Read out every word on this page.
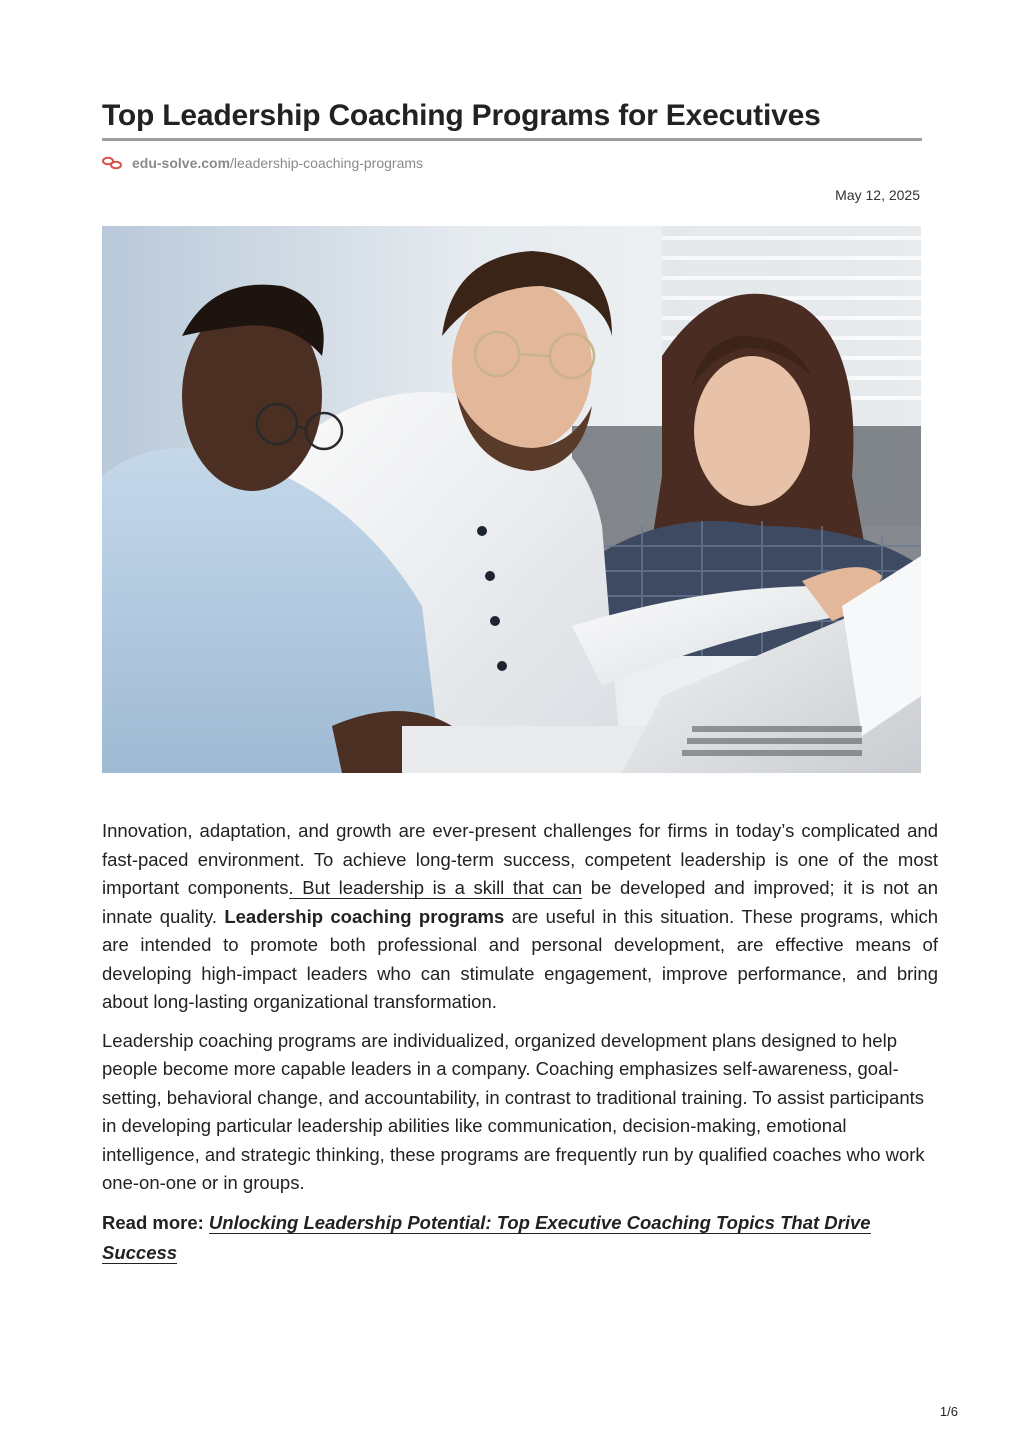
Top Leadership Coaching Programs for Executives
edu-solve.com /leadership-coaching-programs
May 12, 2025

Innovation, adaptation, and growth are ever-present challenges for firms in today’s complicated and fast-paced environment. To achieve long-term success, competent leadership is one of the most important components. But leadership is a skill that can be developed and improved; it is not an innate quality. Leadership coaching programs are useful in this situation. These programs, which are intended to promote both professional and personal development, are effective means of developing high-impact leaders who can stimulate engagement, improve performance, and bring about long-lasting organizational transformation.

Leadership coaching programs are individualized, organized development plans designed to help people become more capable leaders in a company. Coaching emphasizes self-awareness, goal-setting, behavioral change, and accountability, in contrast to traditional training. To assist participants in developing particular leadership abilities like communication, decision-making, emotional intelligence, and strategic thinking, these programs are frequently run by qualified coaches who work one-on-one or in groups.

Read more: Unlocking Leadership Potential: Top Executive Coaching Topics That Drive Success

1/6
